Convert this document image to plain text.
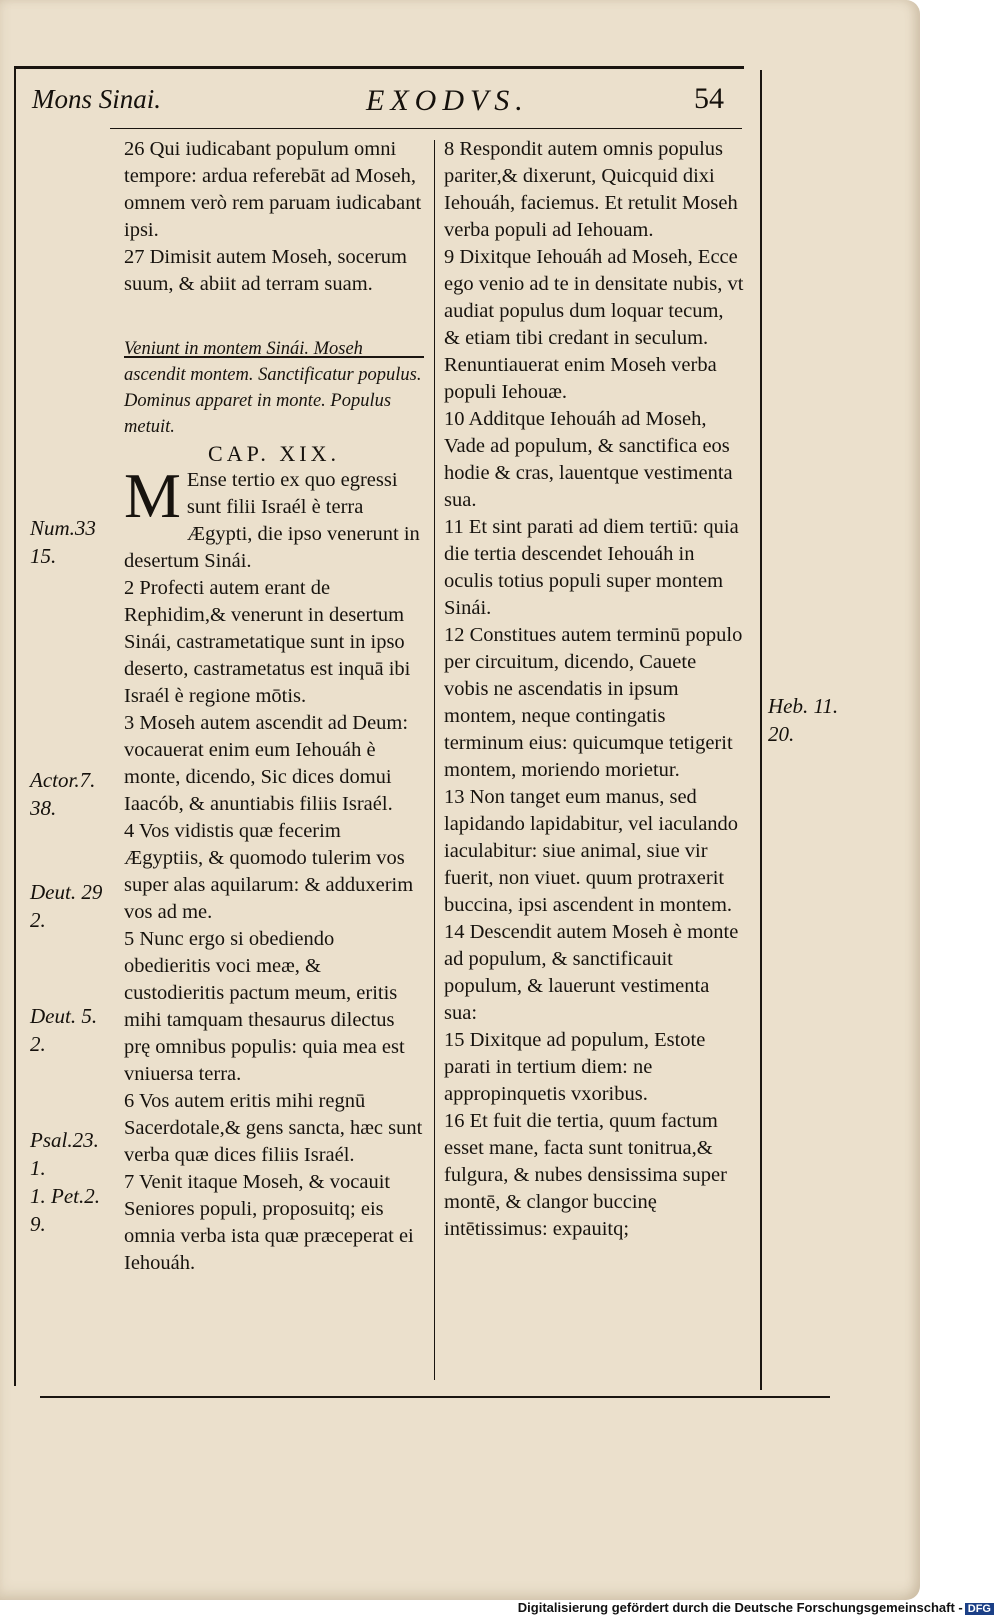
Mons Sinai.	EXODVS.	54
Num.33 15.
Actor.7. 38.
Deut. 29 2.
Deut. 5. 2.
Psal.23. 1.
1. Pet.2. 9.
Heb. 11. 20.

26 Qui iudicabant populum omni tempore: ardua referebāt ad Moseh, omnem verò rem paruam iudicabant ipsi.

27 Dimisit autem Moseh, socerum suum, & abiit ad terram suam.

Veniunt in montem Sinái. Moseh ascendit montem. Sanctificatur populus. Dominus apparet in monte. Populus metuit.

CAP. XIX.

M Ense tertio ex quo egressi sunt filii Israél è terra Ægypti, die ipso venerunt in desertum Sinái.

2 Profecti autem erant de Rephidim,& venerunt in desertum Sinái, castrametatique sunt in ipso deserto, castrametatus est inquā ibi Israél è regione mōtis.

3 Moseh autem ascendit ad Deum: vocauerat enim eum Iehouáh è monte, dicendo, Sic dices domui Iaacób, & anuntiabis filiis Israél.

4 Vos vidistis quæ fecerim Ægyptiis, & quomodo tulerim vos super alas aquilarum: & adduxerim vos ad me.

5 Nunc ergo si obediendo obedieritis voci meæ, & custodieritis pactum meum, eritis mihi tamquam thesaurus dilectus prę omnibus populis: quia mea est vniuersa terra.

6 Vos autem eritis mihi regnū Sacerdotale,& gens sancta, hæc sunt verba quæ dices filiis Israél.

7 Venit itaque Moseh, & vocauit Seniores populi, proposuitq; eis omnia verba ista quæ præceperat ei Iehouáh.

8 Respondit autem omnis populus pariter,& dixerunt, Quicquid dixi Iehouáh, faciemus. Et retulit Moseh verba populi ad Iehouam.

9 Dixitque Iehouáh ad Moseh, Ecce ego venio ad te in densitate nubis, vt audiat populus dum loquar tecum, & etiam tibi credant in seculum. Renuntiauerat enim Moseh verba populi Iehouæ.

10 Additque Iehouáh ad Moseh, Vade ad populum, & sanctifica eos hodie & cras, lauentque vestimenta sua.

11 Et sint parati ad diem tertiū: quia die tertia descendet Iehouáh in oculis totius populi super montem Sinái.

12 Constitues autem terminū populo per circuitum, dicendo, Cauete vobis ne ascendatis in ipsum montem, neque contingatis terminum eius: quicumque tetigerit montem, moriendo morietur.

13 Non tanget eum manus, sed lapidando lapidabitur, vel iaculando iaculabitur: siue animal, siue vir fuerit, non viuet. quum protraxerit buccina, ipsi ascendent in montem.

14 Descendit autem Moseh è monte ad populum, & sanctificauit populum, & lauerunt vestimenta sua:

15 Dixitque ad populum, Estote parati in tertium diem: ne appropinquetis vxoribus.

16 Et fuit die tertia, quum factum esset mane, facta sunt tonitrua,& fulgura, & nubes densissima super montē, & clangor buccinę intētissimus: expauitq;

Digitalisierung gefördert durch die Deutsche Forschungsgemeinschaft - DFG
